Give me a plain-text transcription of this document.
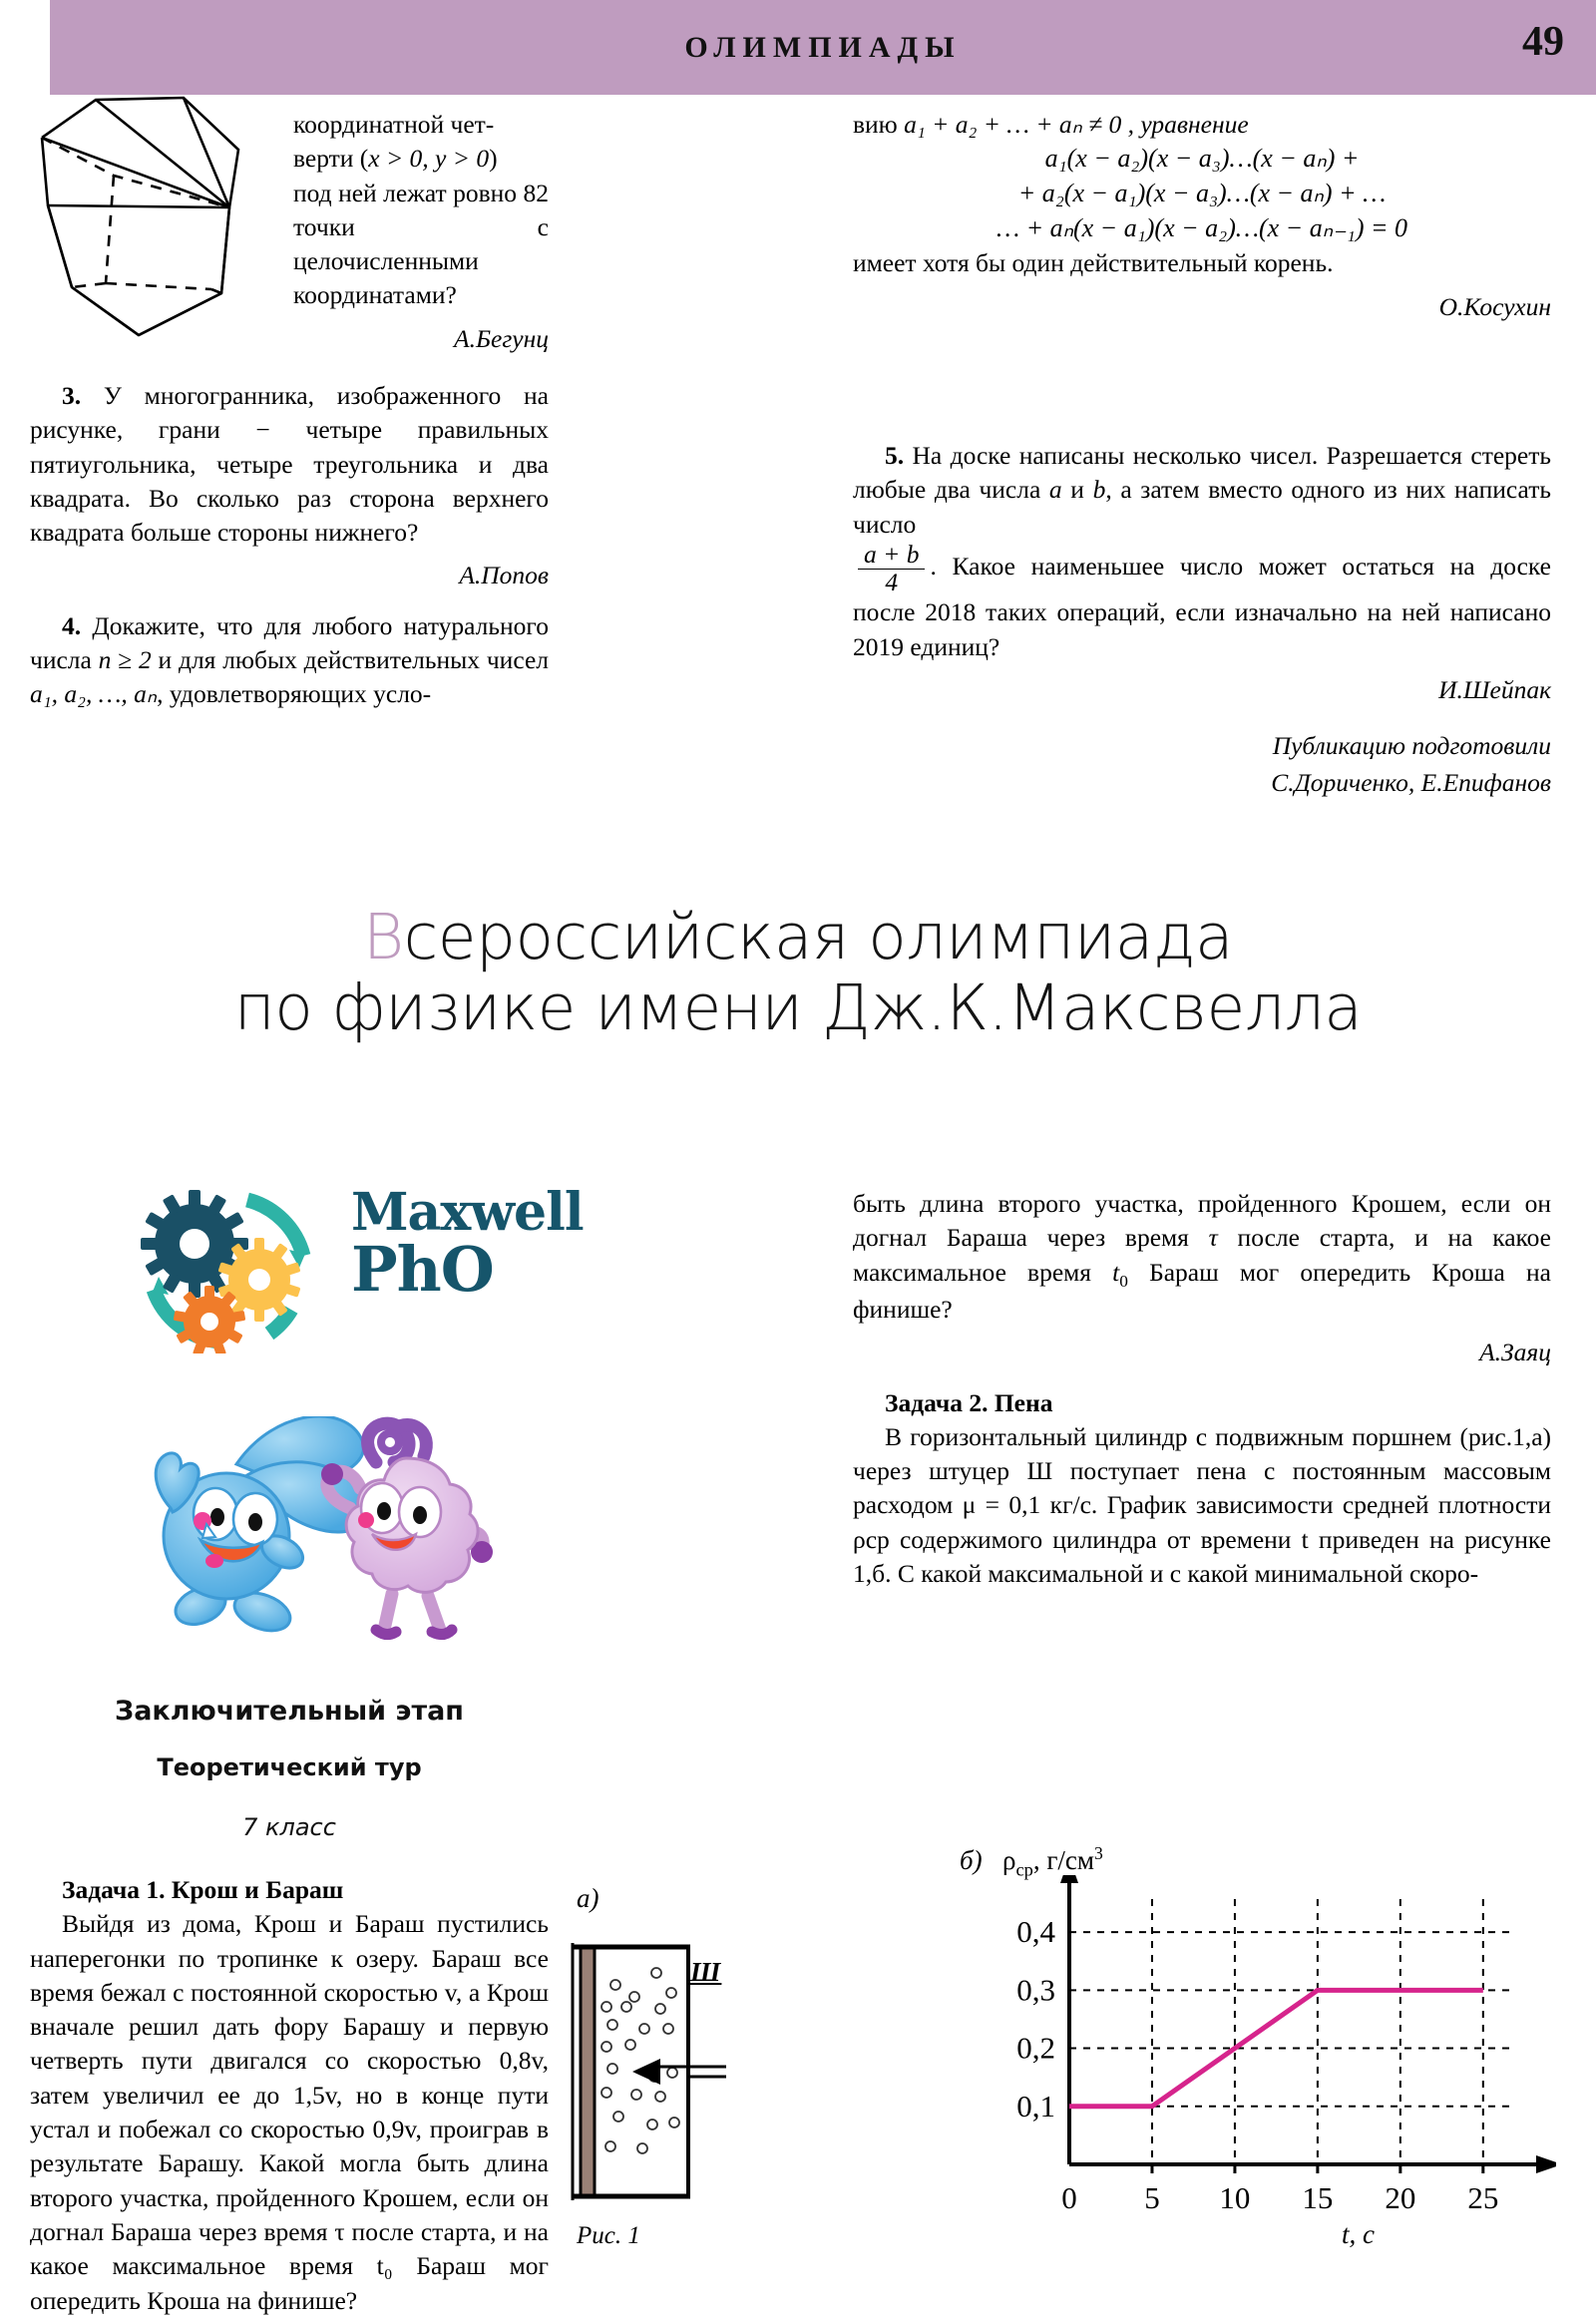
ОЛИМПИАДЫ	49

координатной чет-

верти (x > 0, y > 0)

под ней лежат ровно 82 точки с целочисленными координатами?

А.Бегунц

3. У многогранника, изображенного на рисунке, грани − четыре правильных пятиугольника, четыре треугольника и два квадрата. Во сколько раз сторона верхнего квадрата больше стороны нижнего?

А.Попов

4. Докажите, что для любого натурального числа n ≥ 2 и для любых действительных чисел a₁, a₂, …, aₙ, удовлетворяющих усло-

вию a₁ + a₂ + … + aₙ ≠ 0 , уравнение

a₁(x − a₂)(x − a₃)…(x − aₙ) +

+ a₂(x − a₁)(x − a₃)…(x − aₙ) + …

… + aₙ(x − a₁)(x − a₂)…(x − aₙ₋₁) = 0

имеет хотя бы один действительный корень.

О.Косухин

5. На доске написаны несколько чисел. Разрешается стереть любые два числа a и b, а затем вместо одного из них написать число

$\frac{a + b}{4}$ . Какое наименьшее число может остаться на доске после 2018 таких операций, если изначально на ней написано 2019 единиц?

И.Шейпак

Публикацию подготовили

С.Дориченко, Е.Епифанов

Всероссийская олимпиада
по физике имени Дж.К.Максвелла
Maxwell
PhO
Заключительный этап
Теоретический тур
7 класс

Задача 1. Крош и Бараш

Выйдя из дома, Крош и Бараш пустились наперегонки по тропинке к озеру. Бараш все время бежал с постоянной скоростью v, а Крош вначале решил дать фору Барашу и первую четверть пути двигался со скоростью 0,8v, затем увеличил ее до 1,5v, но в конце пути устал и побежал со скоростью 0,9v, проиграв в результате Барашу. Какой могла быть длина второго участка, пройденного Крошем, если он догнал Бараша через время τ после старта, и на какое максимальное время t₀ Бараш мог опередить Кроша на финише?

быть длина второго участка, пройденного Крошем, если он догнал Бараша через время τ после старта, и на какое максимальное время $t_0$ Бараш мог опередить Кроша на финише?

А.Заяц

Задача 2. Пена

В горизонтальный цилиндр с подвижным поршнем (рис.1,а) через штуцер Ш поступает пена с постоянным массовым расходом μ = 0,1 кг/с. График зависимости средней плотности ρср содержимого цилиндра от времени t приведен на рисунке 1,б. С какой максимальной и с какой минимальной скоро-

а)
Ш
Рис. 1
б) $\rho_{ср}$, $г/см^3$
0,1
0,2
0,3
0,4
0 5 10 15 20 25
t, с
